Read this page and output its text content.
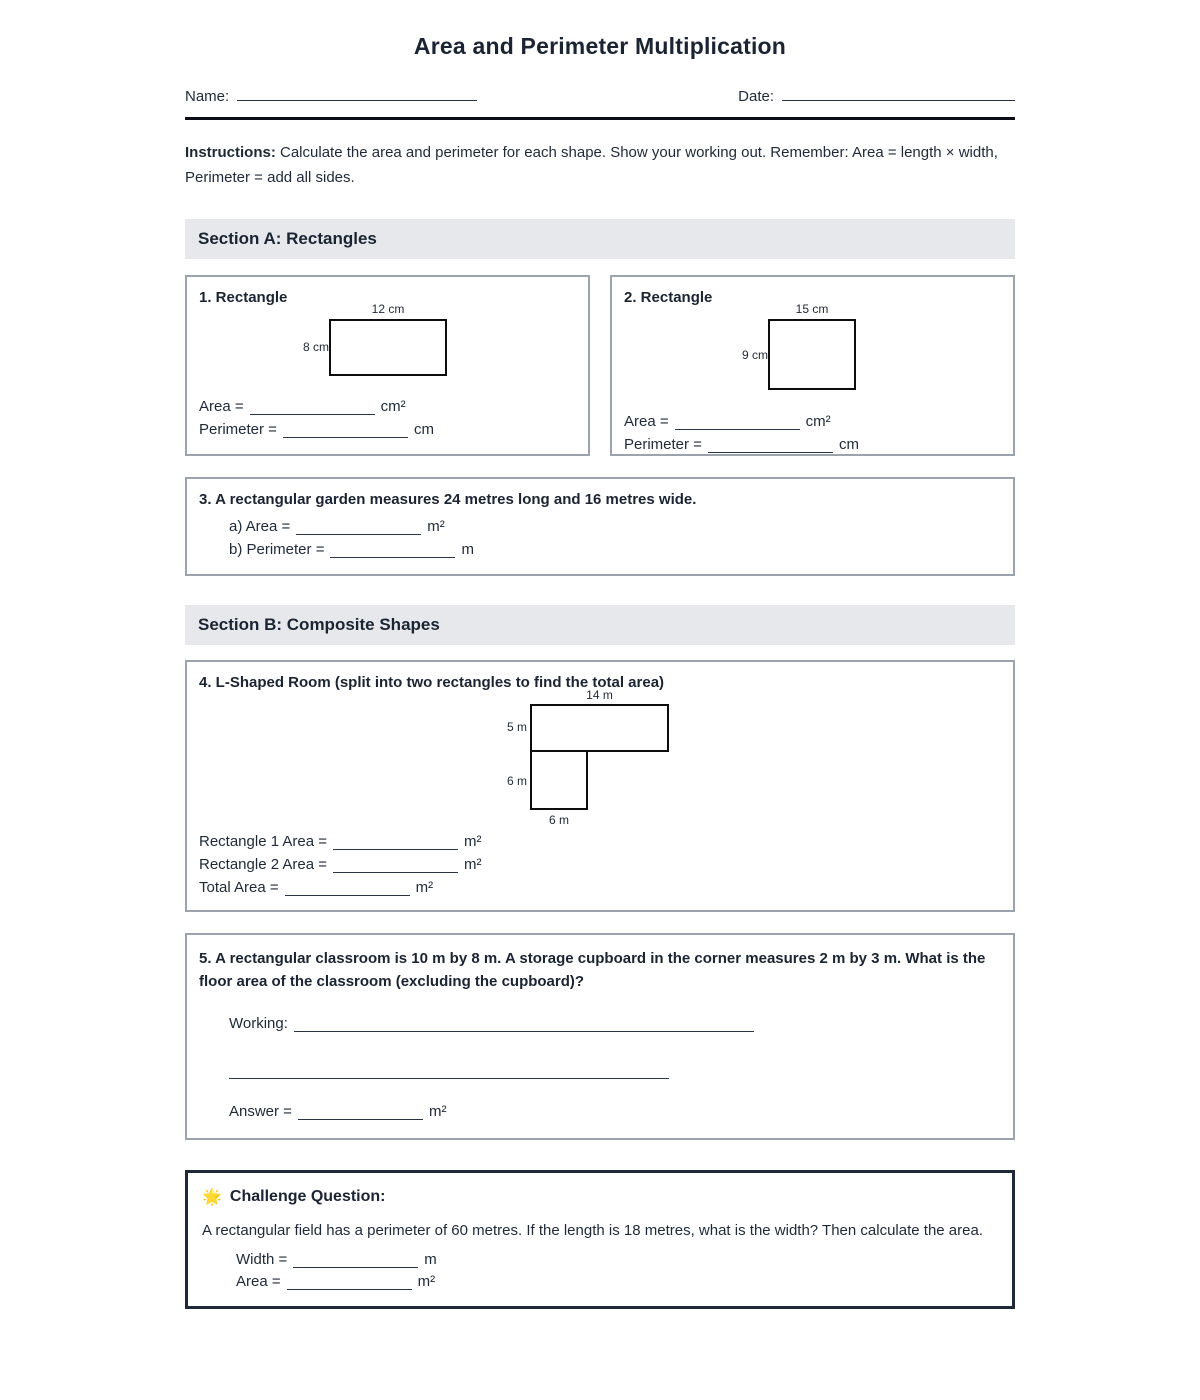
Area and Perimeter Multiplication
Name:	Date:

Instructions: Calculate the area and perimeter for each shape. Show your working out. Remember: Area = length × width, Perimeter = add all sides.

Section A: Rectangles
1. Rectangle
12 cm
8 cm
Area =	cm²
Perimeter =	cm
2. Rectangle
15 cm
9 cm
Area =	cm²
Perimeter =	cm
3. A rectangular garden measures 24 metres long and 16 metres wide.
a) Area =	m²
b) Perimeter =	m
Section B: Composite Shapes
4. L-Shaped Room (split into two rectangles to find the total area)
14 m
5 m
6 m
6 m
Rectangle 1 Area =	m²
Rectangle 2 Area =	m²
Total Area =	m²
5. A rectangular classroom is 10 m by 8 m. A storage cupboard in the corner measures 2 m by 3 m. What is the floor area of the classroom (excluding the cupboard)?
Working:
Answer =	m²
🌟 Challenge Question:
A rectangular field has a perimeter of 60 metres. If the length is 18 metres, what is the width? Then calculate the area.
Width =	m
Area =	m²
